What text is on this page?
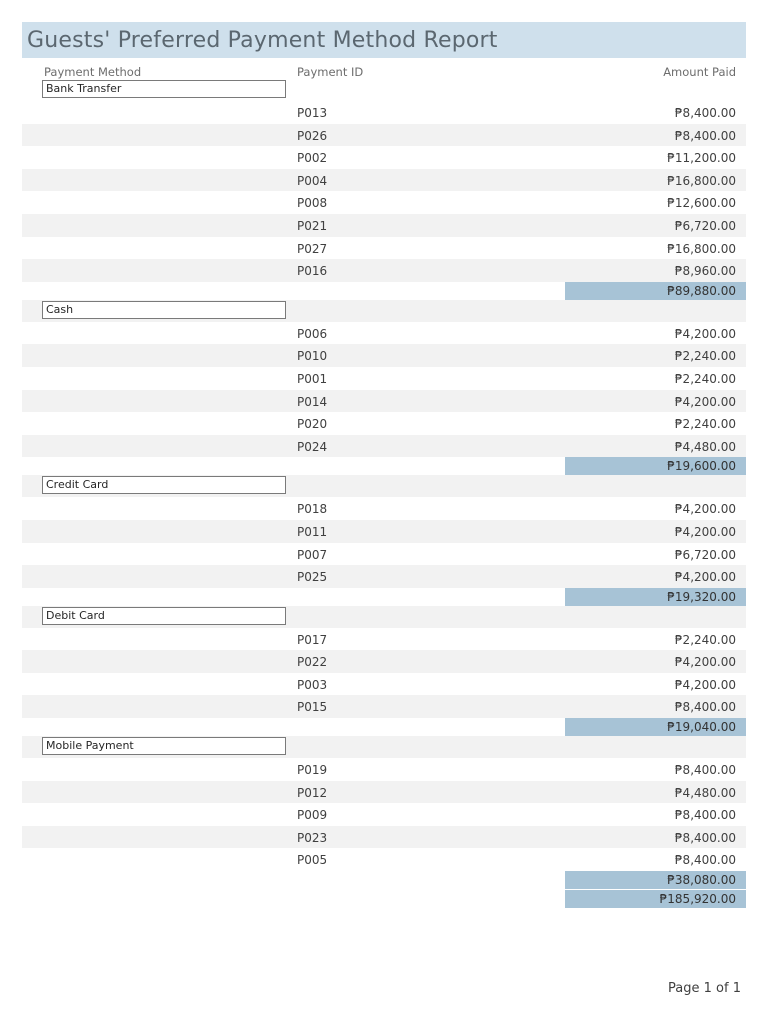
Guests' Preferred Payment Method Report
Payment Method	Payment ID	Amount Paid
Bank Transfer
P013	₱8,400.00
P026	₱8,400.00
P002	₱11,200.00
P004	₱16,800.00
P008	₱12,600.00
P021	₱6,720.00
P027	₱16,800.00
P016	₱8,960.00
₱89,880.00
Cash
P006	₱4,200.00
P010	₱2,240.00
P001	₱2,240.00
P014	₱4,200.00
P020	₱2,240.00
P024	₱4,480.00
₱19,600.00
Credit Card
P018	₱4,200.00
P011	₱4,200.00
P007	₱6,720.00
P025	₱4,200.00
₱19,320.00
Debit Card
P017	₱2,240.00
P022	₱4,200.00
P003	₱4,200.00
P015	₱8,400.00
₱19,040.00
Mobile Payment
P019	₱8,400.00
P012	₱4,480.00
P009	₱8,400.00
P023	₱8,400.00
P005	₱8,400.00
₱38,080.00
₱185,920.00
Page 1 of 1
